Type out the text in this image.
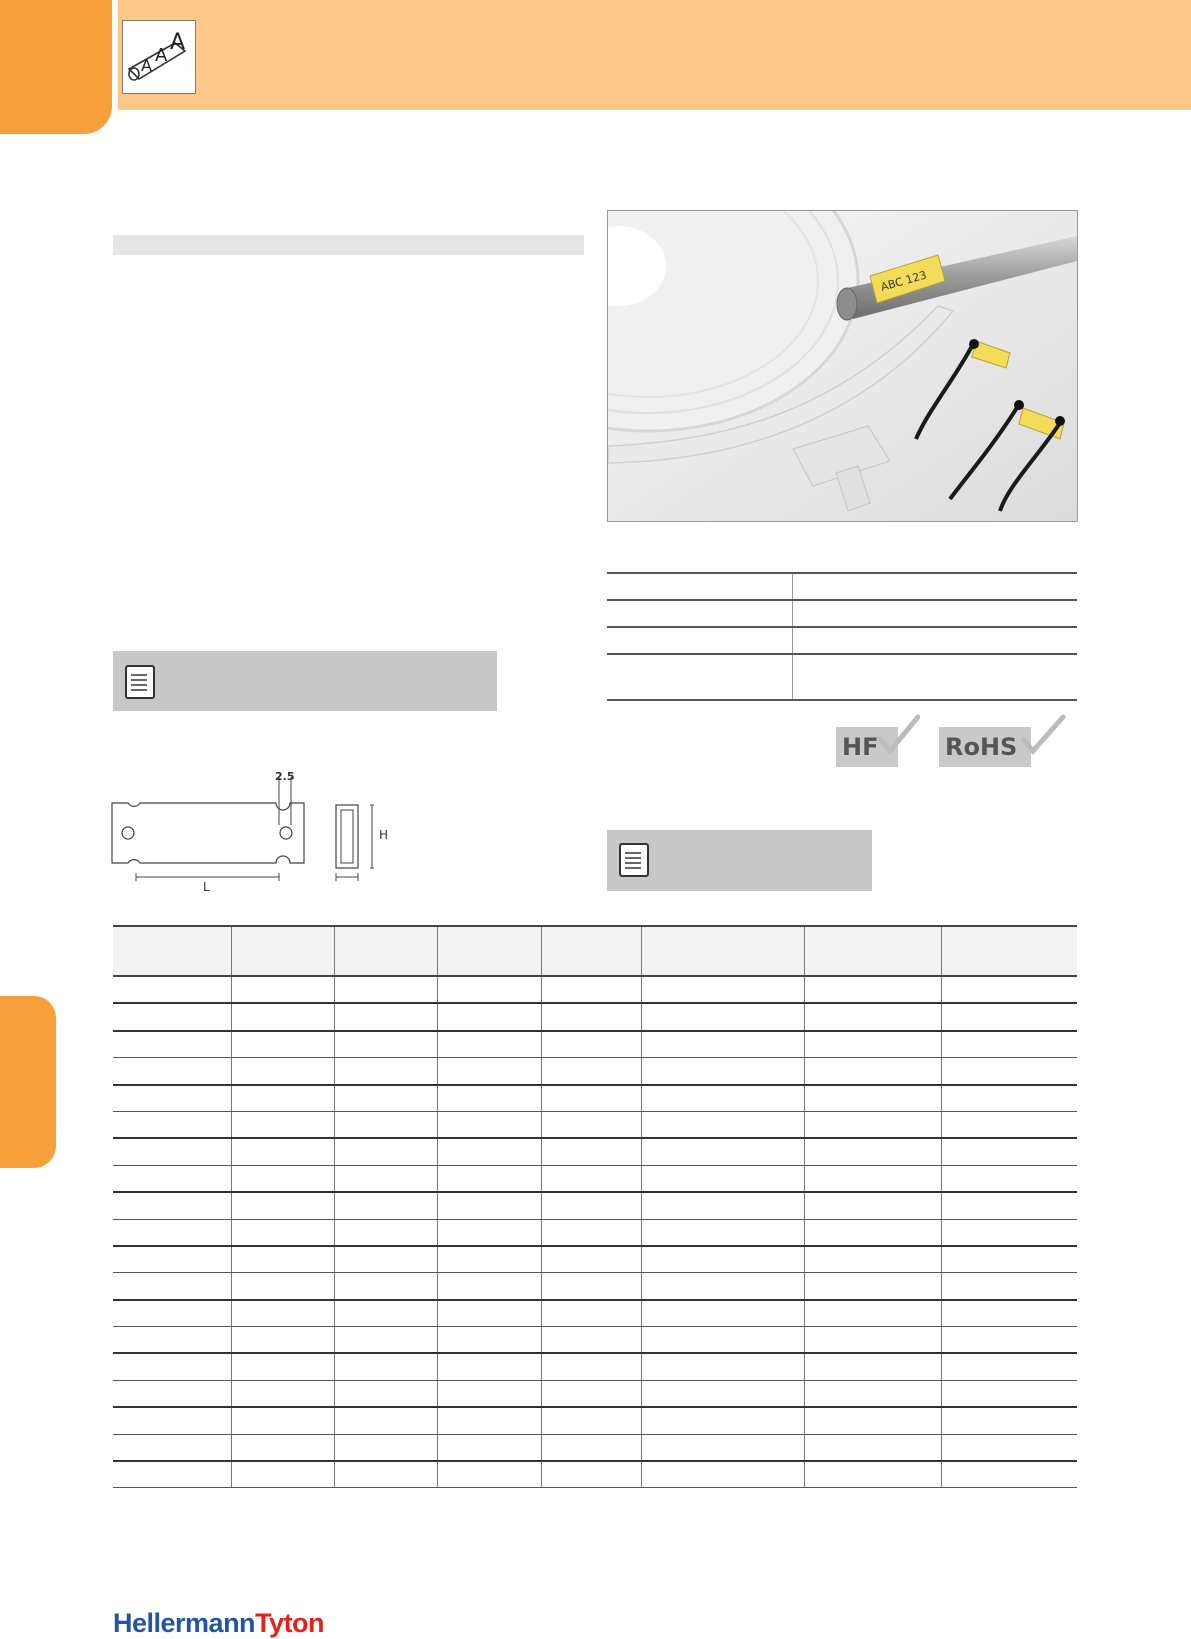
A A
A
ABC 123

HF	RoHS
2.5
L
H

HellermannTyton
